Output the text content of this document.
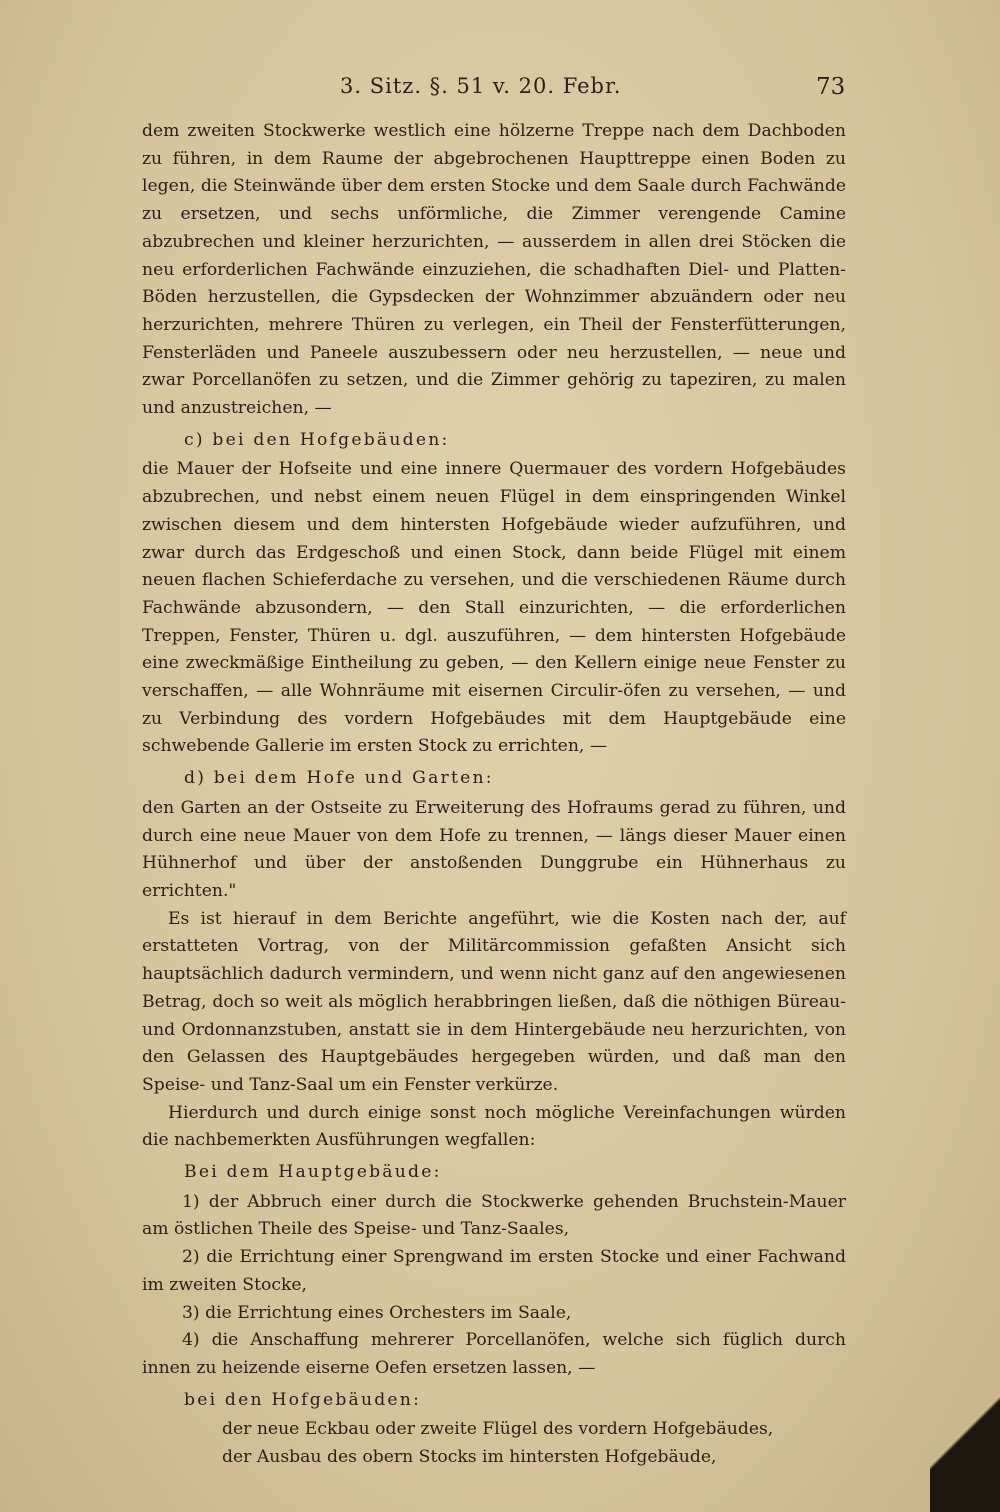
3. Sitz. §. 51 v. 20. Febr.	73

dem zweiten Stockwerke westlich eine hölzerne Treppe nach dem Dachboden zu führen, in dem Raume der abgebrochenen Haupttreppe einen Boden zu legen, die Steinwände über dem ersten Stocke und dem Saale durch Fachwände zu ersetzen, und sechs unförmliche, die Zimmer verengende Camine abzubrechen und kleiner herzurichten, — ausserdem in allen drei Stöcken die neu erforderlichen Fachwände einzuziehen, die schadhaften Diel- und Platten-Böden herzustellen, die Gypsdecken der Wohnzimmer abzuändern oder neu herzurichten, mehrere Thüren zu verlegen, ein Theil der Fensterfütterungen, Fensterläden und Paneele auszubessern oder neu herzustellen, — neue und zwar Porcellanöfen zu setzen, und die Zimmer gehörig zu tapeziren, zu malen und anzustreichen, —

c) bei den Hofgebäuden:

die Mauer der Hofseite und eine innere Quermauer des vordern Hofgebäudes abzubrechen, und nebst einem neuen Flügel in dem einspringenden Winkel zwischen diesem und dem hintersten Hofgebäude wieder aufzuführen, und zwar durch das Erdgeschoß und einen Stock, dann beide Flügel mit einem neuen flachen Schieferdache zu versehen, und die verschiedenen Räume durch Fachwände abzusondern, — den Stall einzurichten, — die erforderlichen Treppen, Fenster, Thüren u. dgl. auszuführen, — dem hintersten Hofgebäude eine zweckmäßige Eintheilung zu geben, — den Kellern einige neue Fenster zu verschaffen, — alle Wohnräume mit eisernen Circulir-öfen zu versehen, — und zu Verbindung des vordern Hofgebäudes mit dem Hauptgebäude eine schwebende Gallerie im ersten Stock zu errichten, —

d) bei dem Hofe und Garten:

den Garten an der Ostseite zu Erweiterung des Hofraums gerad zu führen, und durch eine neue Mauer von dem Hofe zu trennen, — längs dieser Mauer einen Hühnerhof und über der anstoßenden Dunggrube ein Hühnerhaus zu errichten."

Es ist hierauf in dem Berichte angeführt, wie die Kosten nach der, auf erstatteten Vortrag, von der Militärcommission gefaßten Ansicht sich hauptsächlich dadurch vermindern, und wenn nicht ganz auf den angewiesenen Betrag, doch so weit als möglich herabbringen ließen, daß die nöthigen Büreau- und Ordonnanzstuben, anstatt sie in dem Hintergebäude neu herzurichten, von den Gelassen des Hauptgebäudes hergegeben würden, und daß man den Speise- und Tanz-Saal um ein Fenster verkürze.

Hierdurch und durch einige sonst noch mögliche Vereinfachungen würden die nachbemerkten Ausführungen wegfallen:

Bei dem Hauptgebäude:

1) der Abbruch einer durch die Stockwerke gehenden Bruchstein-Mauer am östlichen Theile des Speise- und Tanz-Saales,

2) die Errichtung einer Sprengwand im ersten Stocke und einer Fachwand im zweiten Stocke,

3) die Errichtung eines Orchesters im Saale,

4) die Anschaffung mehrerer Porcellanöfen, welche sich füglich durch innen zu heizende eiserne Oefen ersetzen lassen, —

bei den Hofgebäuden:

der neue Eckbau oder zweite Flügel des vordern Hofgebäudes,

der Ausbau des obern Stocks im hintersten Hofgebäude,
